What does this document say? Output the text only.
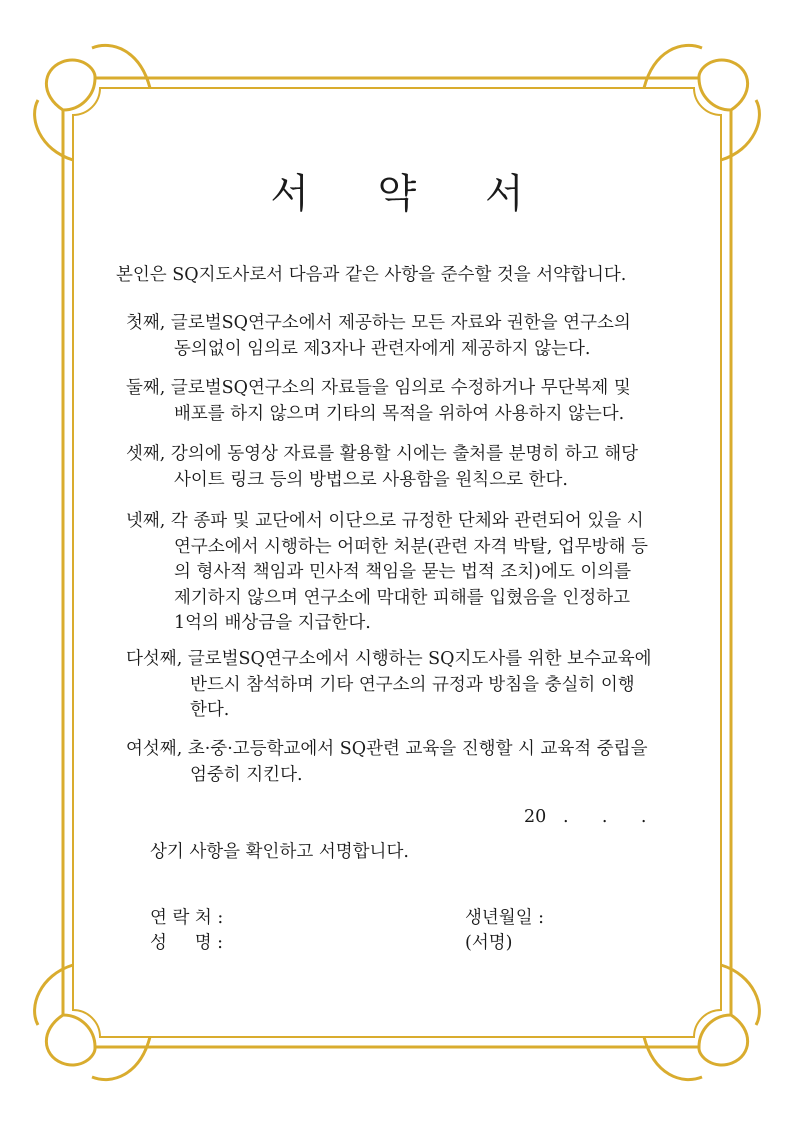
서 약 서
본인은 SQ지도사로서 다음과 같은 사항을 준수할 것을 서약합니다.
첫째, 글로벌SQ연구소에서 제공하는 모든 자료와 권한을 연구소의
동의없이 임의로 제3자나 관련자에게 제공하지 않는다.
둘째, 글로벌SQ연구소의 자료들을 임의로 수정하거나 무단복제 및
배포를 하지 않으며 기타의 목적을 위하여 사용하지 않는다.
셋째, 강의에 동영상 자료를 활용할 시에는 출처를 분명히 하고 해당
사이트 링크 등의 방법으로 사용함을 원칙으로 한다.
넷째, 각 종파 및 교단에서 이단으로 규정한 단체와 관련되어 있을 시
연구소에서 시행하는 어떠한 처분(관련 자격 박탈, 업무방해 등
의 형사적 책임과 민사적 책임을 묻는 법적 조치)에도 이의를
제기하지 않으며 연구소에 막대한 피해를 입혔음을 인정하고
1억의 배상금을 지급한다.
다섯째, 글로벌SQ연구소에서 시행하는 SQ지도사를 위한 보수교육에
반드시 참석하며 기타 연구소의 규정과 방침을 충실히 이행
한다.
여섯째, 초·중·고등학교에서 SQ관련 교육을 진행할 시 교육적 중립을
엄중히 지킨다.
20   .      .      .
상기 사항을 확인하고 서명합니다.
연 락 처 :
성     명 :
생년월일 :
(서명)
